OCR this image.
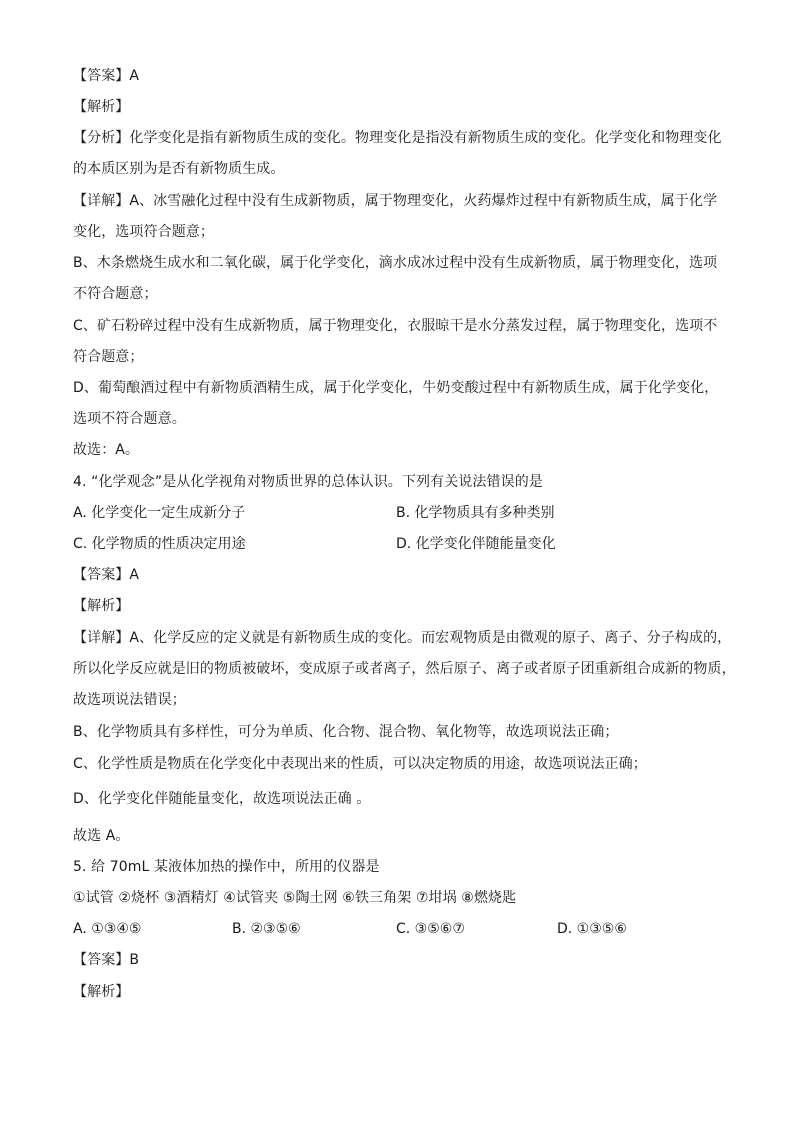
【答案】A

【解析】

【分析】化学变化是指有新物质生成的变化。物理变化是指没有新物质生成的变化。化学变化和物理变化

的本质区别为是否有新物质生成。

【详解】A、冰雪融化过程中没有生成新物质，属于物理变化，火药爆炸过程中有新物质生成，属于化学

变化，选项符合题意；

B、木条燃烧生成水和二氧化碳，属于化学变化，滴水成冰过程中没有生成新物质，属于物理变化，选项

不符合题意；

C、矿石粉碎过程中没有生成新物质，属于物理变化，衣服晾干是水分蒸发过程，属于物理变化，选项不

符合题意；

D、葡萄酿酒过程中有新物质酒精生成，属于化学变化，牛奶变酸过程中有新物质生成，属于化学变化，

选项不符合题意。

故选：A。

4. “化学观念”是从化学视角对物质世界的总体认识。下列有关说法错误的是

A. 化学变化一定生成新分子	B. 化学物质具有多种类别

C. 化学物质的性质决定用途	D. 化学变化伴随能量变化

【答案】A

【解析】

【详解】A、化学反应的定义就是有新物质生成的变化。而宏观物质是由微观的原子、离子、分子构成的，

所以化学反应就是旧的物质被破坏，变成原子或者离子，然后原子、离子或者原子团重新组合成新的物质，

故选项说法错误；

B、化学物质具有多样性，可分为单质、化合物、混合物、氧化物等，故选项说法正确；

C、化学性质是物质在化学变化中表现出来的性质，可以决定物质的用途，故选项说法正确；

D、化学变化伴随能量变化，故选项说法正确 。

故选 A。

5. 给 70mL 某液体加热的操作中，所用的仪器是

①试管 ②烧杯 ③酒精灯 ④试管夹 ⑤陶土网 ⑥铁三角架 ⑦坩埚 ⑧燃烧匙

A. ①③④⑤	B. ②③⑤⑥	C. ③⑤⑥⑦	D. ①③⑤⑥

【答案】B

【解析】
